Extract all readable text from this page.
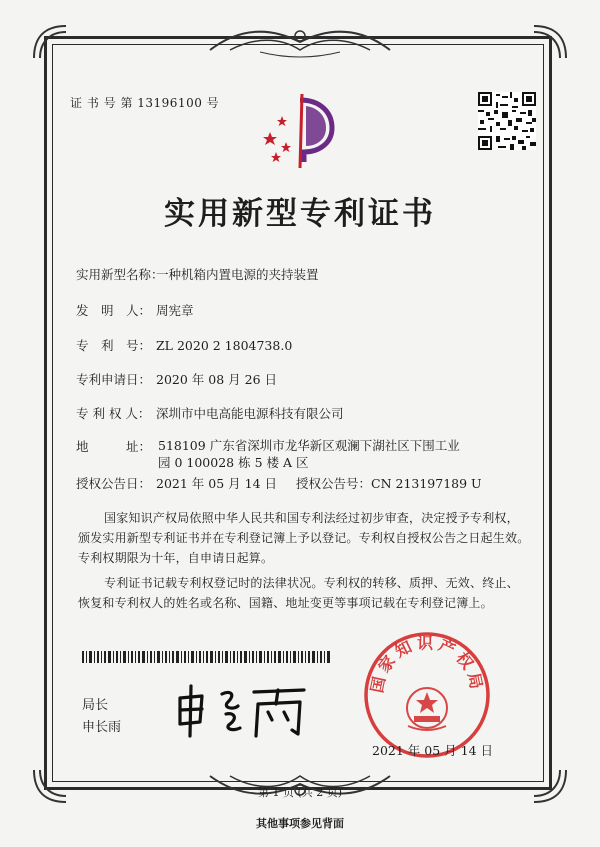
证 书 号 第 13196100 号
实用新型专利证书
实用新型名称：一种机箱内置电源的夹持装置
发　明　人： 周宪章
专　利　号： ZL 2020 2 1804738.0
专利申请日： 2020 年 08 月 26 日
专 利 权 人： 深圳市中电高能电源科技有限公司
地　　　址： 518109 广东省深圳市龙华新区观澜下湖社区下围工业园 0 100028 栋 5 楼 A 区
授权公告日： 2021 年 05 月 14 日 授权公告号：CN 213197189 U
国家知识产权局依照中华人民共和国专利法经过初步审查，决定授予专利权，颁发实用新型专利证书并在专利登记簿上予以登记。专利权自授权公告之日起生效。专利权期限为十年，自申请日起算。
专利证书记载专利权登记时的法律状况。专利权的转移、质押、无效、终止、恢复和专利权人的姓名或名称、国籍、地址变更等事项记载在专利登记簿上。
局长
申长雨
国家知识产权局
2021 年 05 月 14 日
第 1 页 (共 2 页)
其他事项参见背面
